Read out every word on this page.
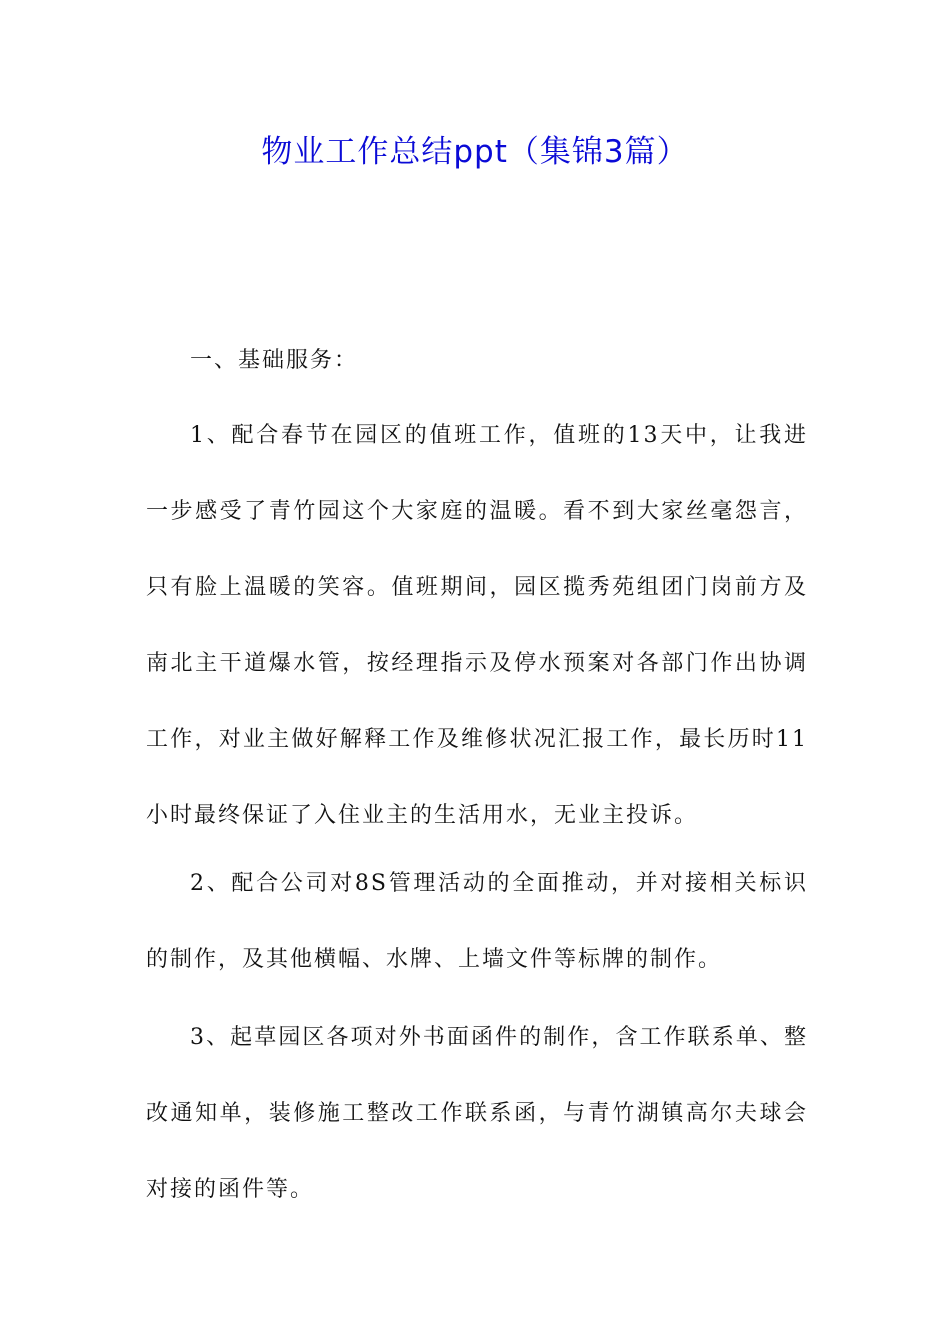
物业工作总结ppt（集锦3篇）

一、基础服务：

1、配合春节在园区的值班工作，值班的13天中，让我进一步感受了青竹园这个大家庭的温暖。看不到大家丝毫怨言，只有脸上温暖的笑容。值班期间，园区揽秀苑组团门岗前方及南北主干道爆水管，按经理指示及停水预案对各部门作出协调工作，对业主做好解释工作及维修状况汇报工作，最长历时11小时最终保证了入住业主的生活用水，无业主投诉。

2、配合公司对8S管理活动的全面推动，并对接相关标识的制作，及其他横幅、水牌、上墙文件等标牌的制作。

3、起草园区各项对外书面函件的制作，含工作联系单、整改通知单，装修施工整改工作联系函，与青竹湖镇高尔夫球会对接的函件等。
